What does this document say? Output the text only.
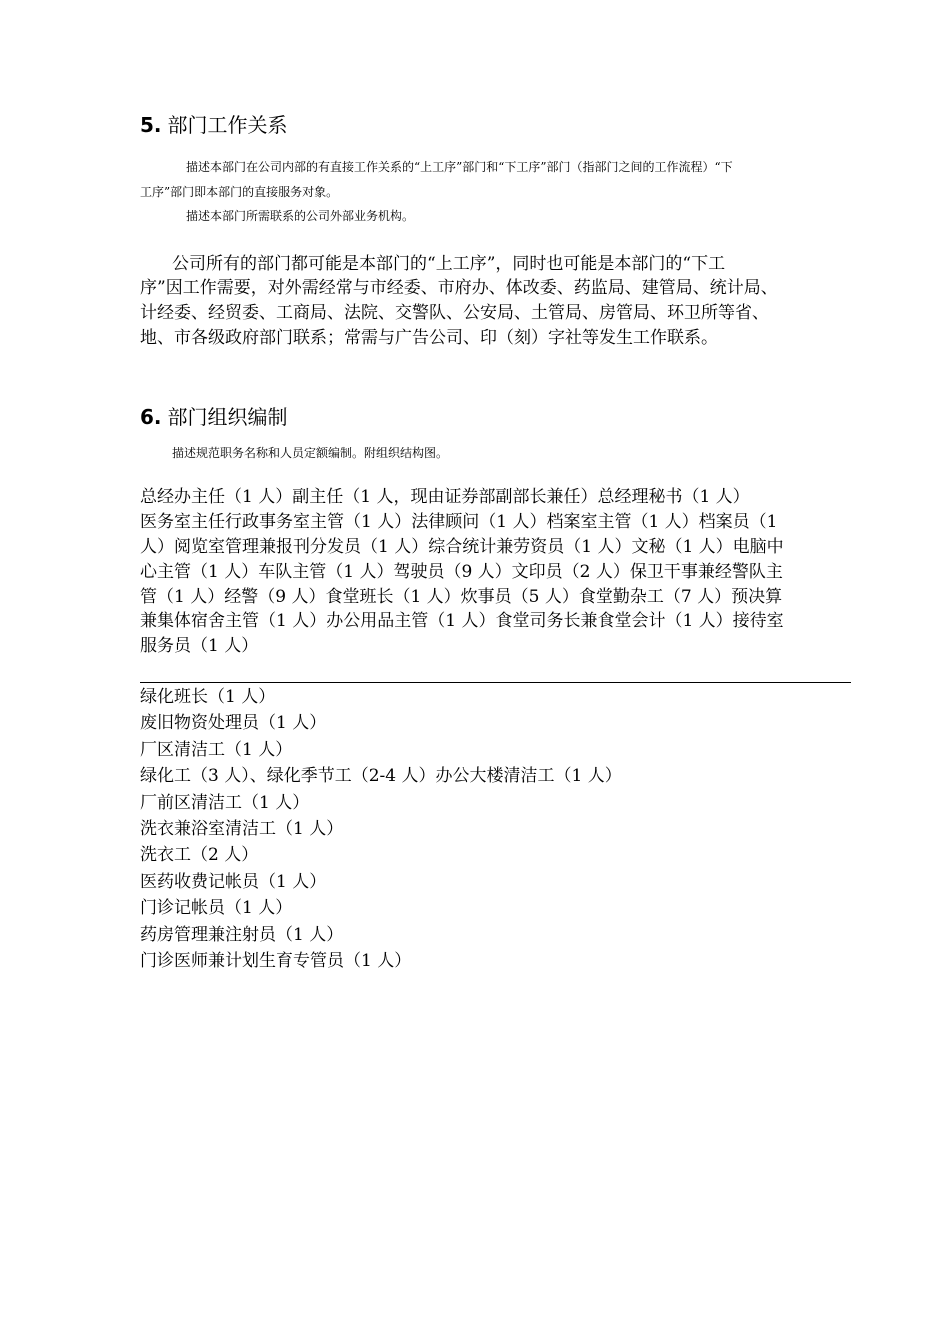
5. 部门工作关系
描述本部门在公司内部的有直接工作关系的“上工序”部门和“下工序”部门（指部门之间的工作流程）“下
工序”部门即本部门的直接服务对象。
描述本部门所需联系的公司外部业务机构。
公司所有的部门都可能是本部门的“上工序”，同时也可能是本部门的“下工
序”因工作需要，对外需经常与市经委、市府办、体改委、药监局、建管局、统计局、
计经委、经贸委、工商局、法院、交警队、公安局、土管局、房管局、环卫所等省、
地、市各级政府部门联系；常需与广告公司、印（刻）字社等发生工作联系。
6. 部门组织编制
描述规范职务名称和人员定额编制。附组织结构图。
总经办主任（1 人）副主任（1 人，现由证券部副部长兼任）总经理秘书（1 人）
医务室主任行政事务室主管（1 人）法律顾问（1 人）档案室主管（1 人）档案员（1
人）阅览室管理兼报刊分发员（1 人）综合统计兼劳资员（1 人）文秘（1 人）电脑中
心主管（1 人）车队主管（1 人）驾驶员（9 人）文印员（2 人）保卫干事兼经警队主
管（1 人）经警（9 人）食堂班长（1 人）炊事员（5 人）食堂勤杂工（7 人）预决算
兼集体宿舍主管（1 人）办公用品主管（1 人）食堂司务长兼食堂会计（1 人）接待室
服务员（1 人）
绿化班长（1 人）
废旧物资处理员（1 人）
厂区清洁工（1 人）
绿化工（3 人）、绿化季节工（2-4 人）办公大楼清洁工（1 人）
厂前区清洁工（1 人）
洗衣兼浴室清洁工（1 人）
洗衣工（2 人）
医药收费记帐员（1 人）
门诊记帐员（1 人）
药房管理兼注射员（1 人）
门诊医师兼计划生育专管员（1 人）
